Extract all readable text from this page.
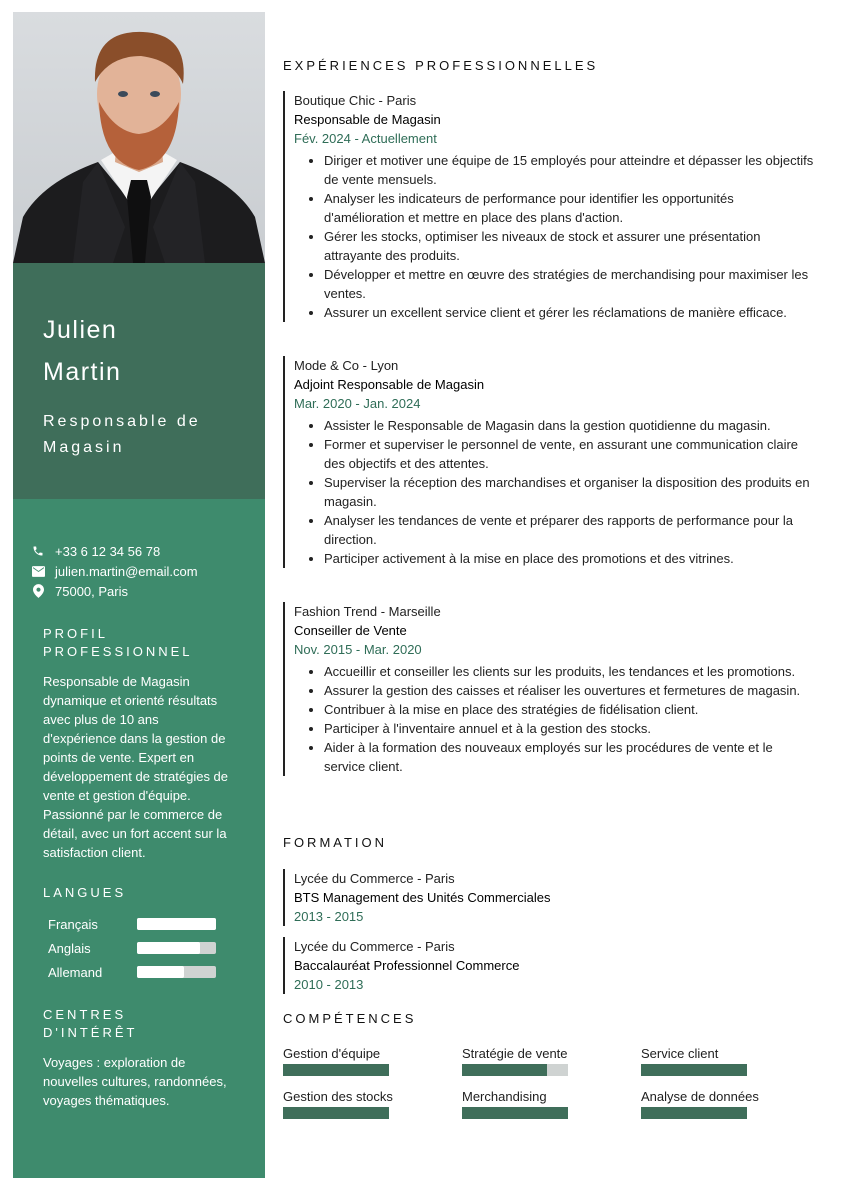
Julien

Martin

Responsable de Magasin
+33 6 12 34 56 78
julien.martin@email.com
75000, Paris
PROFIL PROFESSIONNEL

Responsable de Magasin dynamique et orienté résultats avec plus de 10 ans d'expérience dans la gestion de points de vente. Expert en développement de stratégies de vente et gestion d'équipe. Passionné par le commerce de détail, avec un fort accent sur la satisfaction client.

LANGUES
Français
Anglais
Allemand
CENTRES D'INTÉRÊT

Voyages : exploration de nouvelles cultures, randonnées, voyages thématiques.

EXPÉRIENCES PROFESSIONNELLES
Boutique Chic - Paris
Responsable de Magasin
Fév. 2024 - Actuellement
• Diriger et motiver une équipe de 15 employés pour atteindre et dépasser les objectifs de vente mensuels.
• Analyser les indicateurs de performance pour identifier les opportunités d'amélioration et mettre en place des plans d'action.
• Gérer les stocks, optimiser les niveaux de stock et assurer une présentation attrayante des produits.
• Développer et mettre en œuvre des stratégies de merchandising pour maximiser les ventes.
• Assurer un excellent service client et gérer les réclamations de manière efficace.
Mode & Co - Lyon
Adjoint Responsable de Magasin
Mar. 2020 - Jan. 2024
• Assister le Responsable de Magasin dans la gestion quotidienne du magasin.
• Former et superviser le personnel de vente, en assurant une communication claire des objectifs et des attentes.
• Superviser la réception des marchandises et organiser la disposition des produits en magasin.
• Analyser les tendances de vente et préparer des rapports de performance pour la direction.
• Participer activement à la mise en place des promotions et des vitrines.
Fashion Trend - Marseille
Conseiller de Vente
Nov. 2015 - Mar. 2020
• Accueillir et conseiller les clients sur les produits, les tendances et les promotions.
• Assurer la gestion des caisses et réaliser les ouvertures et fermetures de magasin.
• Contribuer à la mise en place des stratégies de fidélisation client.
• Participer à l'inventaire annuel et à la gestion des stocks.
• Aider à la formation des nouveaux employés sur les procédures de vente et le service client.
FORMATION
Lycée du Commerce - Paris
BTS Management des Unités Commerciales
2013 - 2015
Lycée du Commerce - Paris
Baccalauréat Professionnel Commerce
2010 - 2013
COMPÉTENCES
Gestion d'équipe	Stratégie de vente	Service client
Gestion des stocks	Merchandising	Analyse de données
